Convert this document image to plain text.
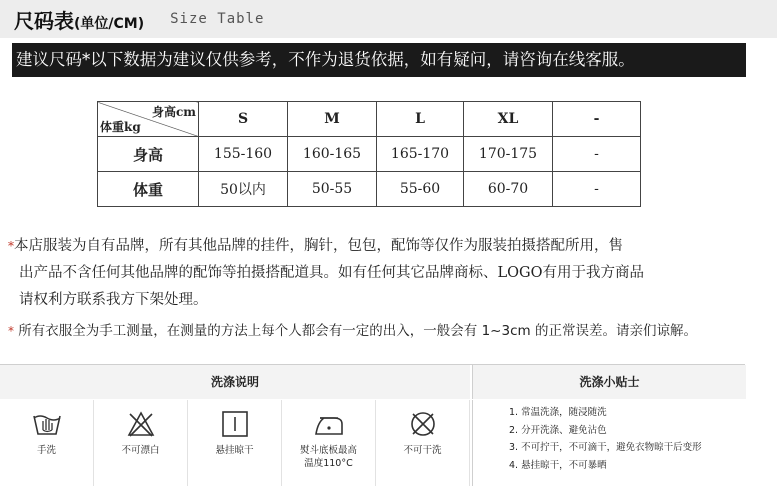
尺码表(单位/CM) Size Table
建议尺码*以下数据为建议仅供参考，不作为退货依据，如有疑问，请咨询在线客服。
身高cm
体重kg	S	M	L	XL	-
身高	155-160	160-165	165-170	170-175	-
体重	50以内	50-55	55-60	60-70	-
*本店服装为自有品牌，所有其他品牌的挂件，胸针，包包，配饰等仅作为服装拍摄搭配所用，售
出产品不含任何其他品牌的配饰等拍摄搭配道具。如有任何其它品牌商标、LOGO有用于我方商品
请权利方联系我方下架处理。
* 所有衣服全为手工测量，在测量的方法上每个人都会有一定的出入，一般会有 1~3cm 的正常误差。请亲们谅解。
洗涤说明	洗涤小贴士
手洗	不可漂白	悬挂晾干	熨斗底板最高
温度110°C
不可干洗
1. 常温洗涤，随浸随洗
2. 分开洗涤、避免沾色
3. 不可拧干，不可滴干，避免衣物晾干后变形
4. 悬挂晾干，不可暴晒
